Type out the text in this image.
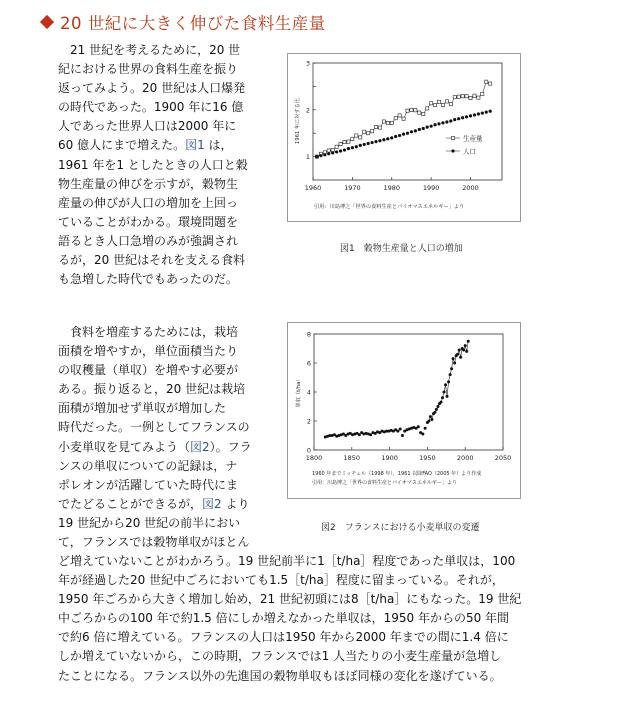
20 世紀に大きく伸びた食料生産量
　21 世紀を考えるために，20 世
紀における世界の食料生産を振り
返ってみよう。20 世紀は人口爆発
の時代であった。1900 年に16 億
人であった世界人口は2000 年に
60 億人にまで増えた。図1 は，
1961 年を1 としたときの人口と穀
物生産量の伸びを示すが，穀物生
産量の伸びが人口の増加を上回っ
ていることがわかる。環境問題を
語るとき人口急増のみが強調され
るが，20 世紀はそれを支える食料
も急増した時代でもあったのだ。
　食料を増産するためには，栽培
面積を増やすか，単位面積当たり
の収穫量（単収）を増やす必要が
ある。振り返ると，20 世紀は栽培
面積が増加せず単収が増加した
時代だった。一例としてフランスの
小麦単収を見てみよう（図2）。フラ
ンスの単収についての記録は，ナ
ポレオンが活躍していた時代にま
でたどることができるが，図2 より
19 世紀から20 世紀の前半におい
て，フランスでは穀物単収がほとん
ど増えていないことがわかろう。19 世紀前半に1［t/ha］程度であった単収は，100
年が経過した20 世紀中ごろにおいても1.5［t/ha］程度に留まっている。それが，
1950 年ごろから大きく増加し始め，21 世紀初頭には8［t/ha］にもなった。19 世紀
中ごろからの100 年で約1.5 倍にしか増えなかった単収は，1950 年からの50 年間
で約6 倍に増えている。フランスの人口は1950 年から2000 年までの間に1.4 倍に
しか増えていないから，この時期，フランスでは1 人当たりの小麦生産量が急増し
たことになる。フランス以外の先進国の穀物単収もほぼ同様の変化を遂げている。
1960	1970	1980	1990	2000
1
2
3
1961 年に対する比	生産量
人口
引用：川島博之「世界の食料生産とバイオマスエネルギー」より
図1　穀物生産量と人口の増加
1800	1850	1900	1950	2000	2050
0
2
4
6
8
単収（t/ha）
1960 年までミッチェル（1998 年），1961 以降FAO（2005 年）より作成
引用：川島博之「世界の食料生産とバイオマスエネルギー」より
図2　フランスにおける小麦単収の変遷
